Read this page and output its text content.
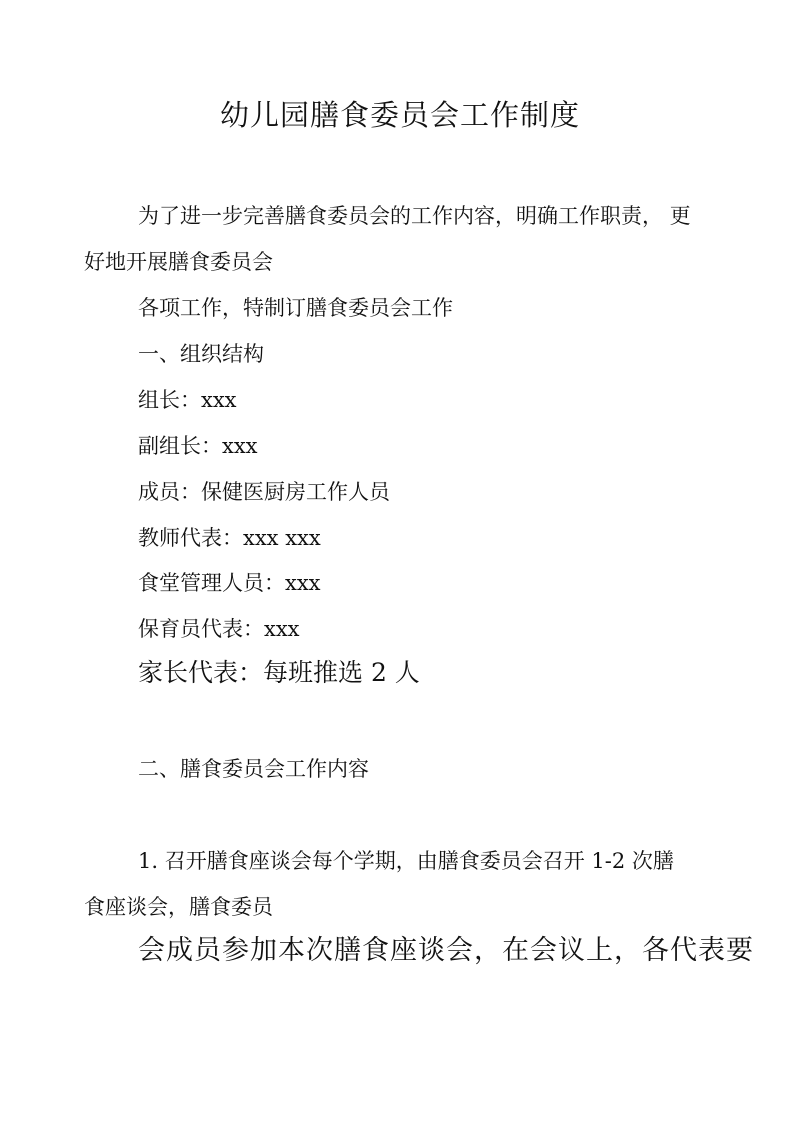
幼儿园膳食委员会工作制度
为了进一步完善膳食委员会的工作内容，明确工作职责， 更
好地开展膳食委员会
各项工作，特制订膳食委员会工作
一、组织结构
组长：xxx
副组长：xxx
成员：保健医厨房工作人员
教师代表：xxx xxx
食堂管理人员：xxx
保育员代表：xxx
家长代表：每班推选 2 人
二、膳食委员会工作内容
1. 召开膳食座谈会每个学期，由膳食委员会召开 1-2 次膳
食座谈会，膳食委员
会成员参加本次膳食座谈会，在会议上，各代表要
